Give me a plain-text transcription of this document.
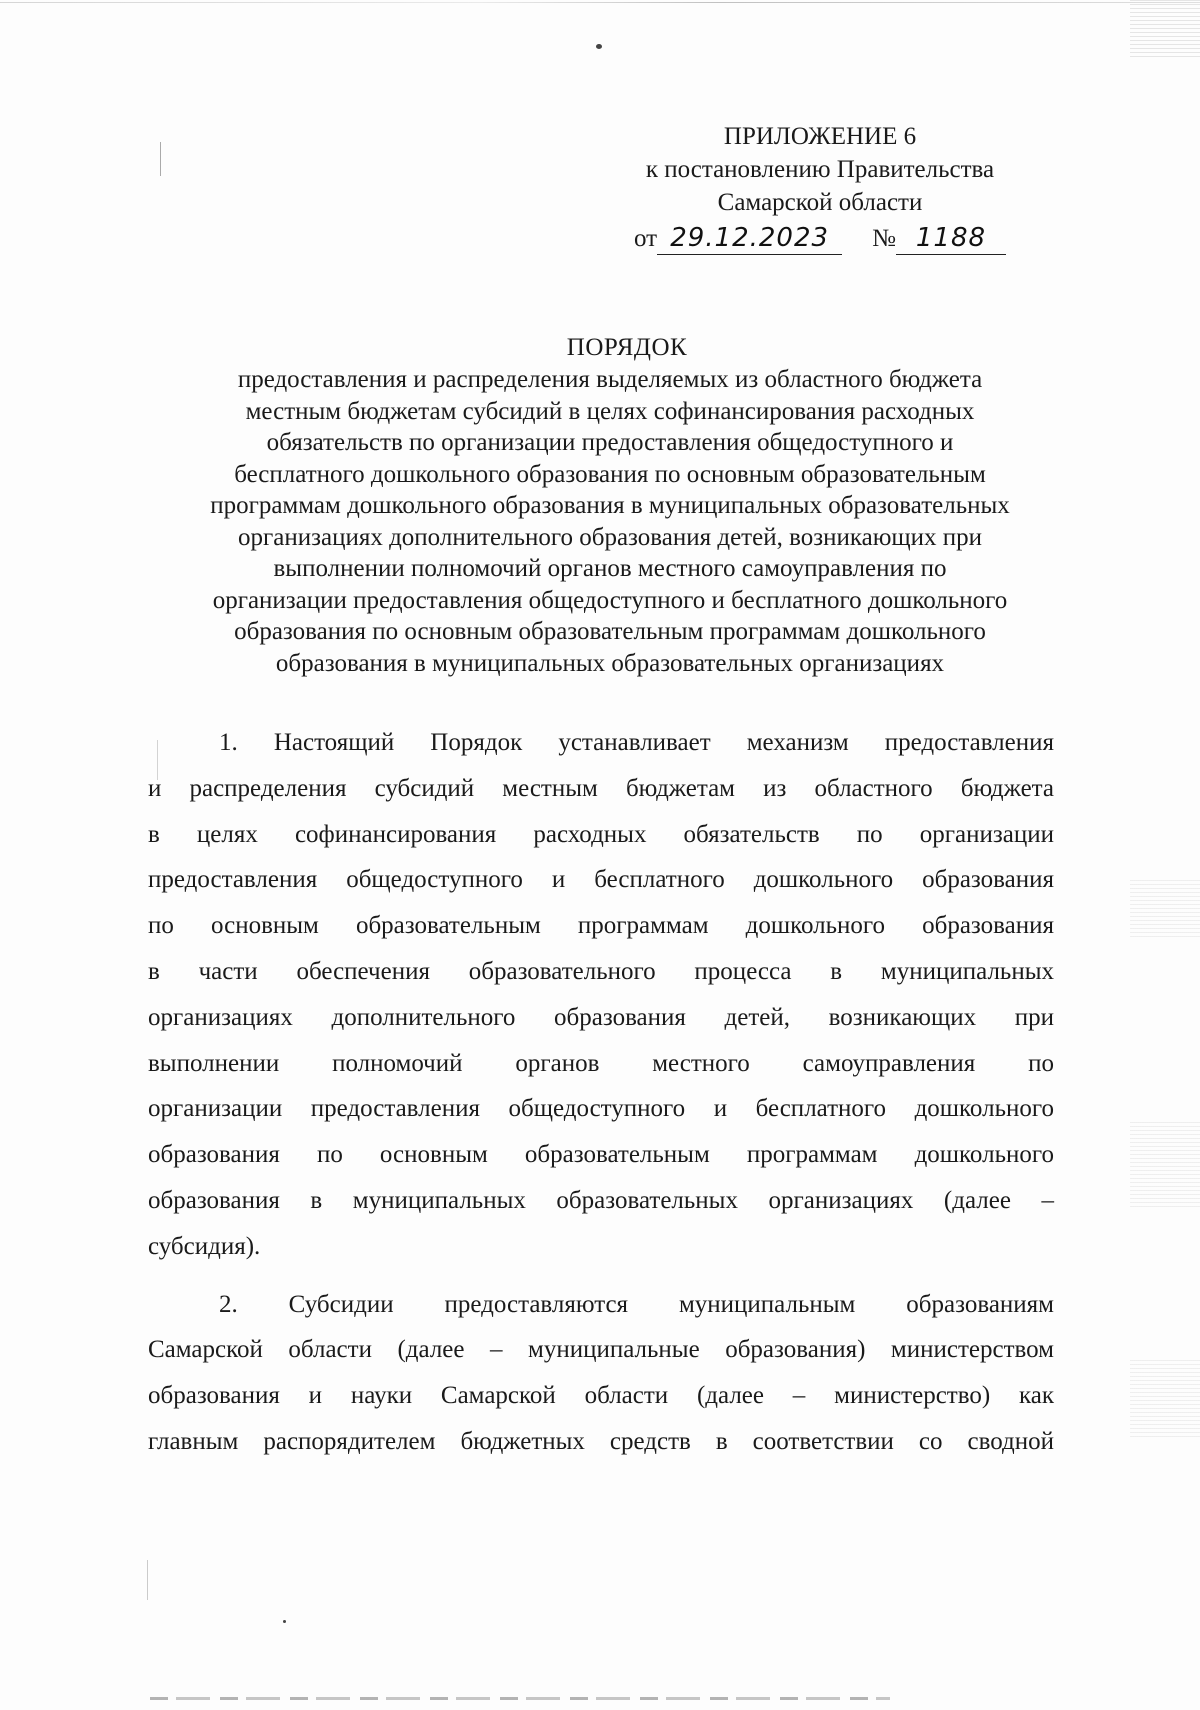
ПРИЛОЖЕНИЕ 6
к постановлению Правительства
Самарской области
от 29.12.2023	№ 1188
ПОРЯДОК
предоставления и распределения выделяемых из областного бюджета
местным бюджетам субсидий в целях софинансирования расходных
обязательств по организации предоставления общедоступного и
бесплатного дошкольного образования по основным образовательным
программам дошкольного образования в муниципальных образовательных
организациях дополнительного образования детей, возникающих при
выполнении полномочий органов местного самоуправления по
организации предоставления общедоступного и бесплатного дошкольного
образования по основным образовательным программам дошкольного
образования в муниципальных образовательных организациях
1. Настоящий Порядок устанавливает механизм предоставления
и распределения субсидий местным бюджетам из областного бюджета
в целях софинансирования расходных обязательств по организации
предоставления общедоступного и бесплатного дошкольного образования
по основным образовательным программам дошкольного образования
в части обеспечения образовательного процесса в муниципальных
организациях дополнительного образования детей, возникающих при
выполнении полномочий органов местного самоуправления по
организации предоставления общедоступного и бесплатного дошкольного
образования по основным образовательным программам дошкольного
образования в муниципальных образовательных организациях (далее –
субсидия).
2. Субсидии предоставляются муниципальным образованиям
Самарской области (далее – муниципальные образования) министерством
образования и науки Самарской области (далее – министерство) как
главным распорядителем бюджетных средств в соответствии со сводной
